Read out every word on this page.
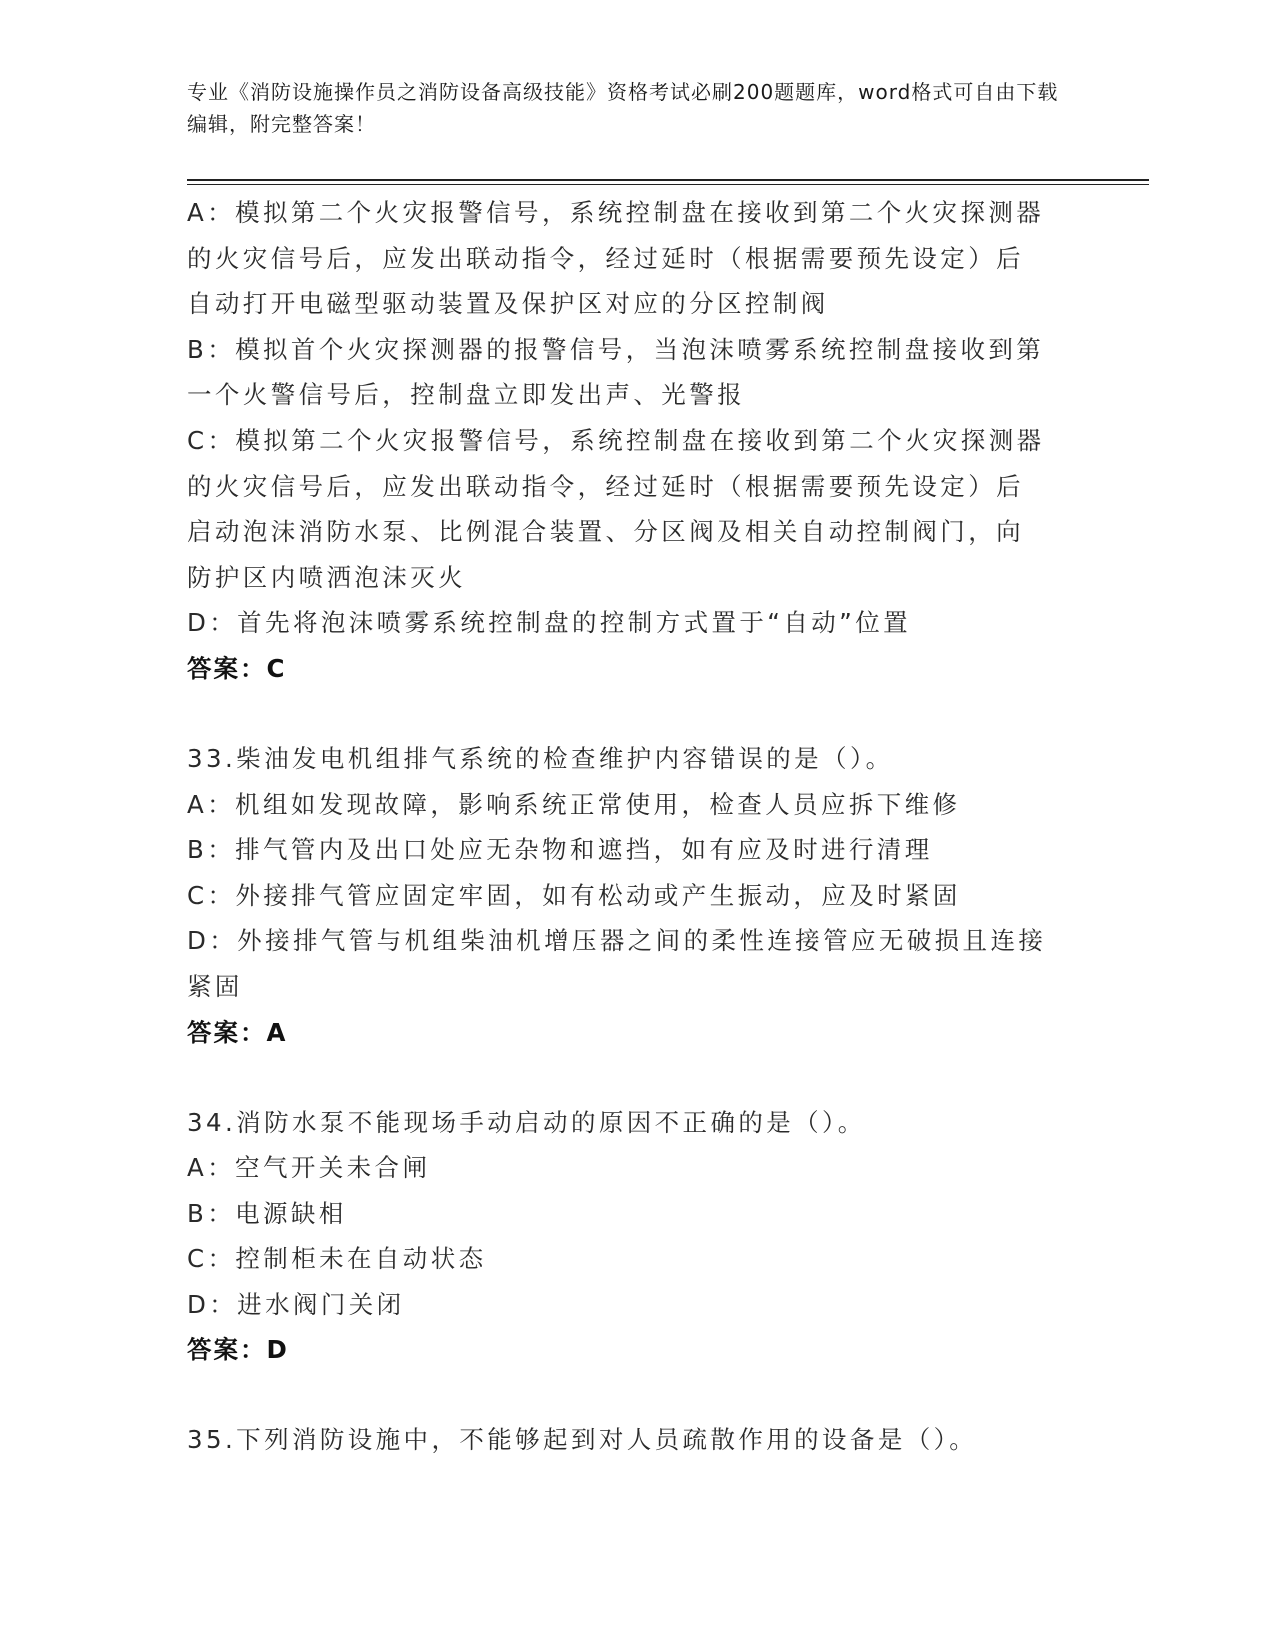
专业《消防设施操作员之消防设备高级技能》资格考试必刷200题题库，word格式可自由下载编辑，附完整答案！
A：模拟第二个火灾报警信号，系统控制盘在接收到第二个火灾探测器
的火灾信号后，应发出联动指令，经过延时（根据需要预先设定）后
自动打开电磁型驱动装置及保护区对应的分区控制阀
B：模拟首个火灾探测器的报警信号，当泡沫喷雾系统控制盘接收到第
一个火警信号后，控制盘立即发出声、光警报
C：模拟第二个火灾报警信号，系统控制盘在接收到第二个火灾探测器
的火灾信号后，应发出联动指令，经过延时（根据需要预先设定）后
启动泡沫消防水泵、比例混合装置、分区阀及相关自动控制阀门，向
防护区内喷洒泡沫灭火
D：首先将泡沫喷雾系统控制盘的控制方式置于“自动”位置
答案：C
33.柴油发电机组排气系统的检查维护内容错误的是（）。
A：机组如发现故障，影响系统正常使用，检查人员应拆下维修
B：排气管内及出口处应无杂物和遮挡，如有应及时进行清理
C：外接排气管应固定牢固，如有松动或产生振动，应及时紧固
D：外接排气管与机组柴油机增压器之间的柔性连接管应无破损且连接
紧固
答案：A
34.消防水泵不能现场手动启动的原因不正确的是（）。
A：空气开关未合闸
B：电源缺相
C：控制柜未在自动状态
D：进水阀门关闭
答案：D
35.下列消防设施中，不能够起到对人员疏散作用的设备是（）。
